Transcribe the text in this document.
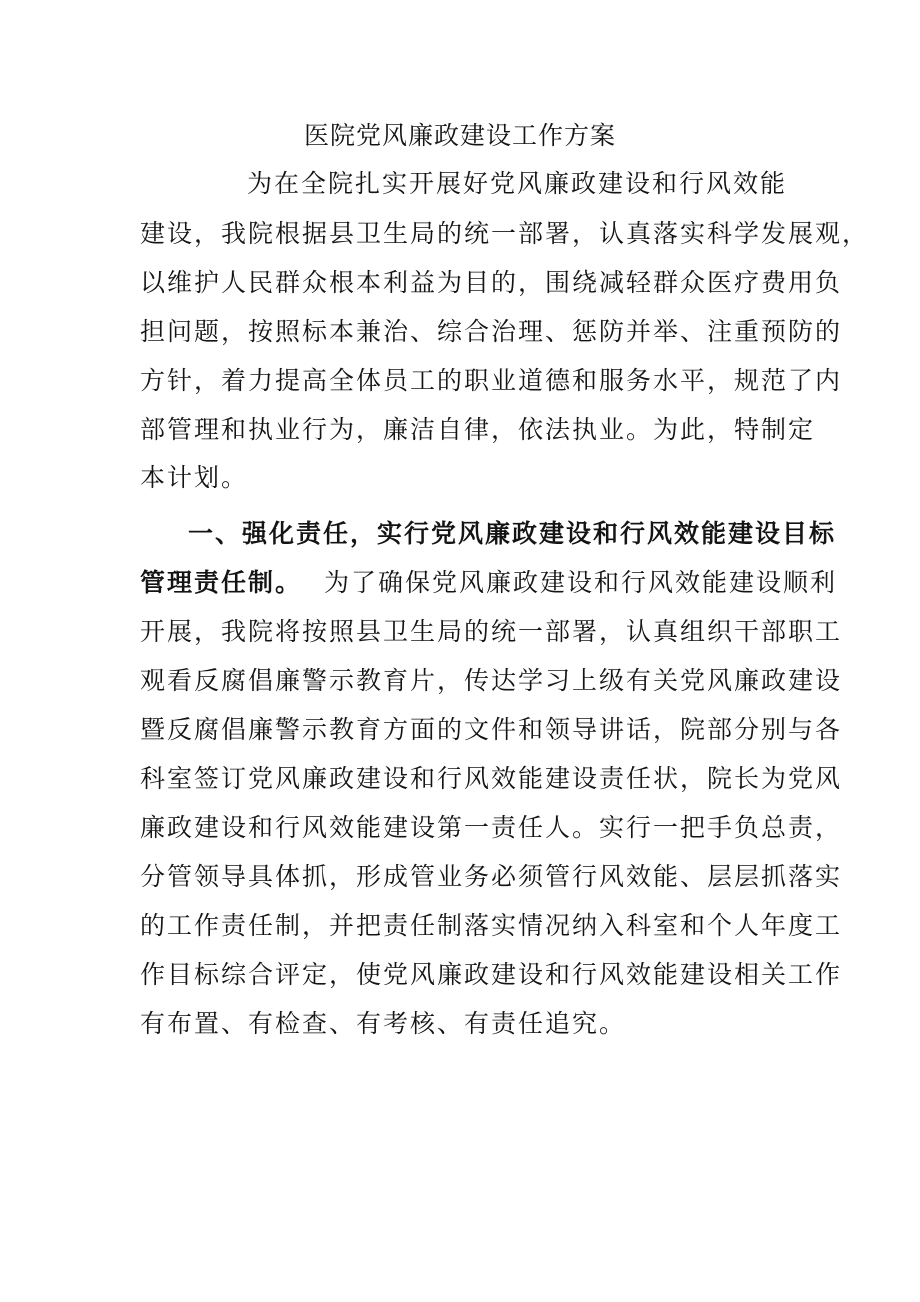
医院党风廉政建设工作方案

为在全院扎实开展好党风廉政建设和行风效能

建设，我院根据县卫生局的统一部署，认真落实科学发展观，

以维护人民群众根本利益为目的，围绕减轻群众医疗费用负

担问题，按照标本兼治、综合治理、惩防并举、注重预防的

方针，着力提高全体员工的职业道德和服务水平，规范了内

部管理和执业行为，廉洁自律，依法执业。为此，特制定

本计划。

一、强化责任，实行党风廉政建设和行风效能建设目标

管理责任制。 为了确保党风廉政建设和行风效能建设顺利

开展，我院将按照县卫生局的统一部署，认真组织干部职工

观看反腐倡廉警示教育片，传达学习上级有关党风廉政建设

暨反腐倡廉警示教育方面的文件和领导讲话，院部分别与各

科室签订党风廉政建设和行风效能建设责任状，院长为党风

廉政建设和行风效能建设第一责任人。实行一把手负总责，

分管领导具体抓，形成管业务必须管行风效能、层层抓落实

的工作责任制，并把责任制落实情况纳入科室和个人年度工

作目标综合评定，使党风廉政建设和行风效能建设相关工作

有布置、有检查、有考核、有责任追究。
